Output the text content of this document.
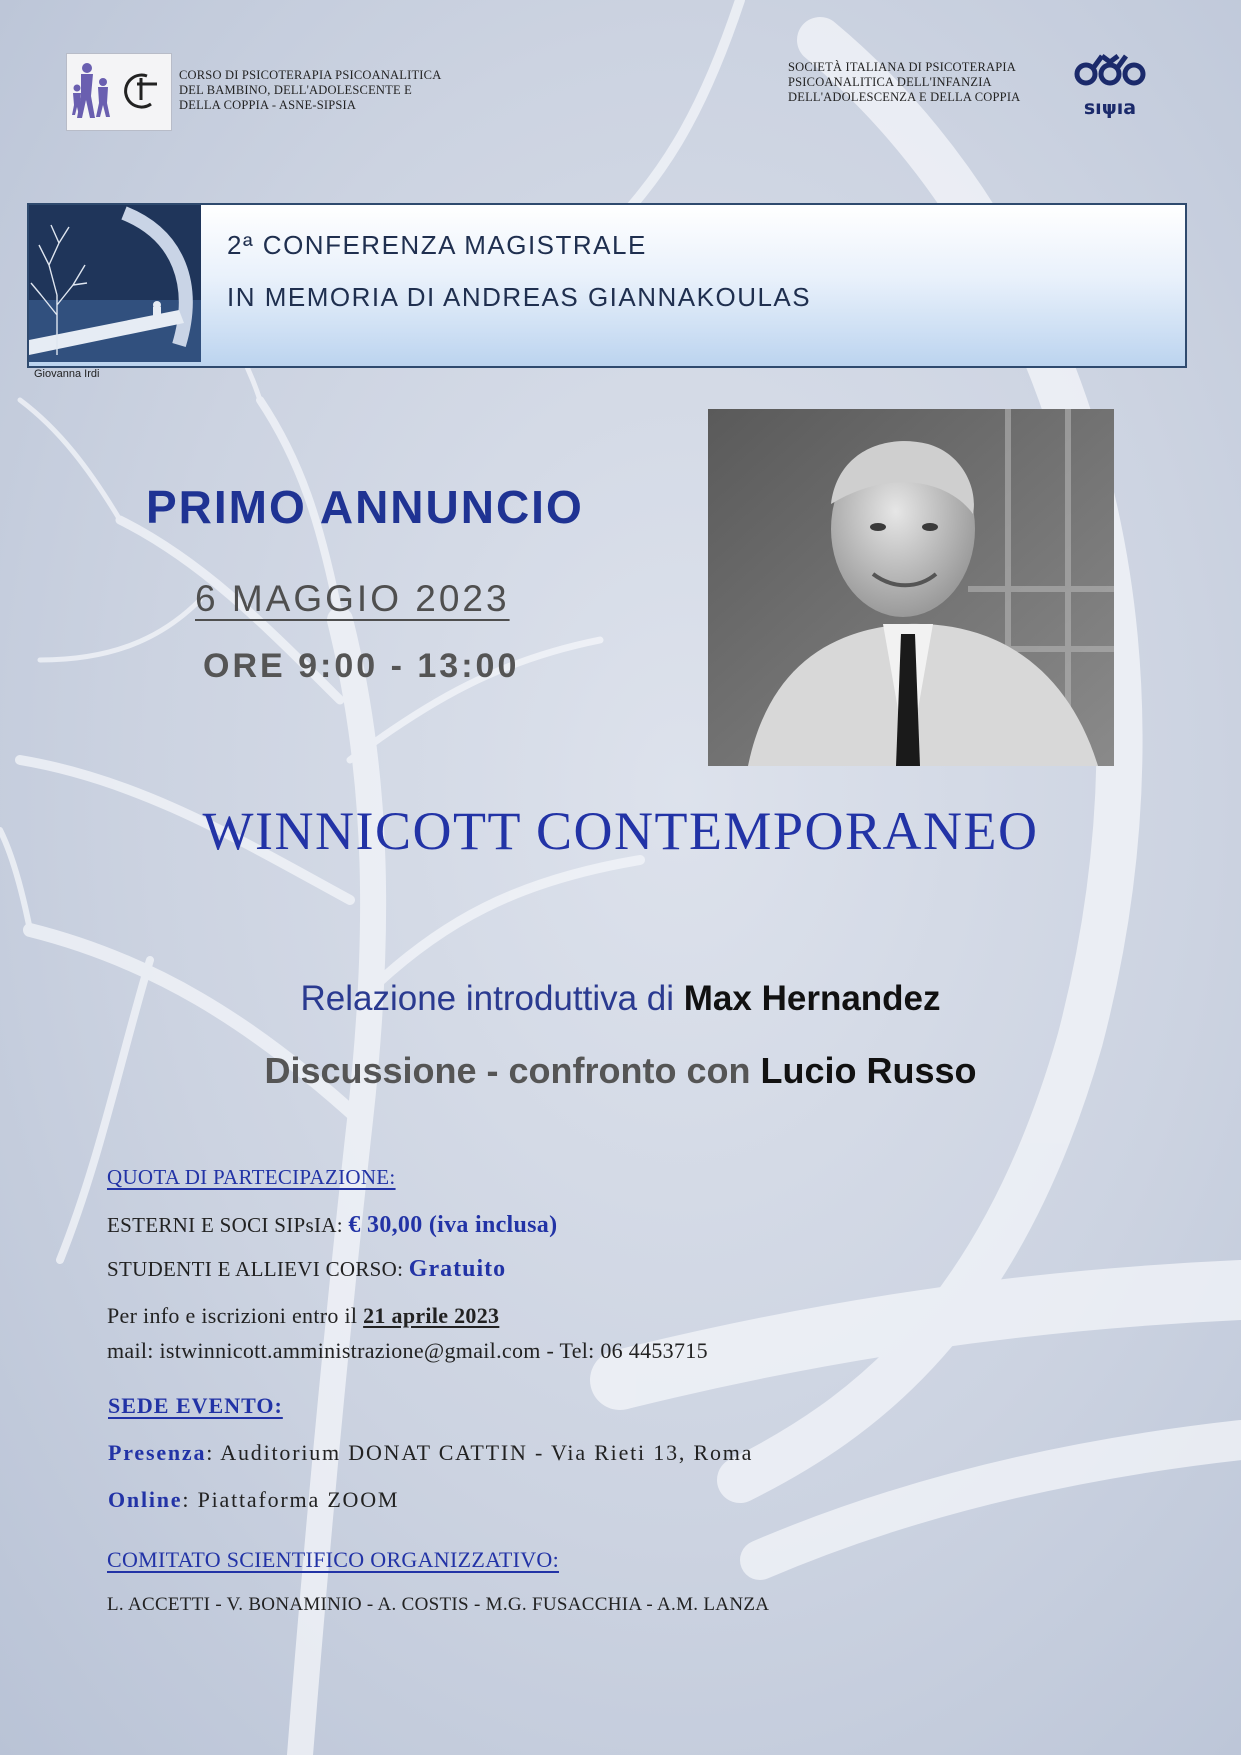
CORSO DI PSICOTERAPIA PSICOANALITICA
DEL BAMBINO, DELL'ADOLESCENTE E
DELLA COPPIA - ASNE-SIPSIA
SOCIETÀ ITALIANA DI PSICOTERAPIA
PSICOANALITICA DELL'INFANZIA
DELL'ADOLESCENZA E DELLA COPPIA	sıψıa
2ª CONFERENZA MAGISTRALE
IN MEMORIA DI ANDREAS GIANNAKOULAS
Giovanna Irdi
PRIMO ANNUNCIO
6 MAGGIO 2023
ORE 9:00 - 13:00
WINNICOTT CONTEMPORANEO
Relazione introduttiva di Max Hernandez
Discussione - confronto con Lucio Russo
QUOTA DI PARTECIPAZIONE:
ESTERNI E SOCI SIPsIA: € 30,00 (iva inclusa)
STUDENTI E ALLIEVI CORSO: Gratuito
Per info e iscrizioni entro il 21 aprile 2023
mail: istwinnicott.amministrazione@gmail.com - Tel: 06 4453715
SEDE EVENTO:
Presenza: Auditorium DONAT CATTIN - Via Rieti 13, Roma
Online: Piattaforma ZOOM
COMITATO SCIENTIFICO ORGANIZZATIVO:
L. ACCETTI - V. BONAMINIO - A. COSTIS - M.G. FUSACCHIA - A.M. LANZA
